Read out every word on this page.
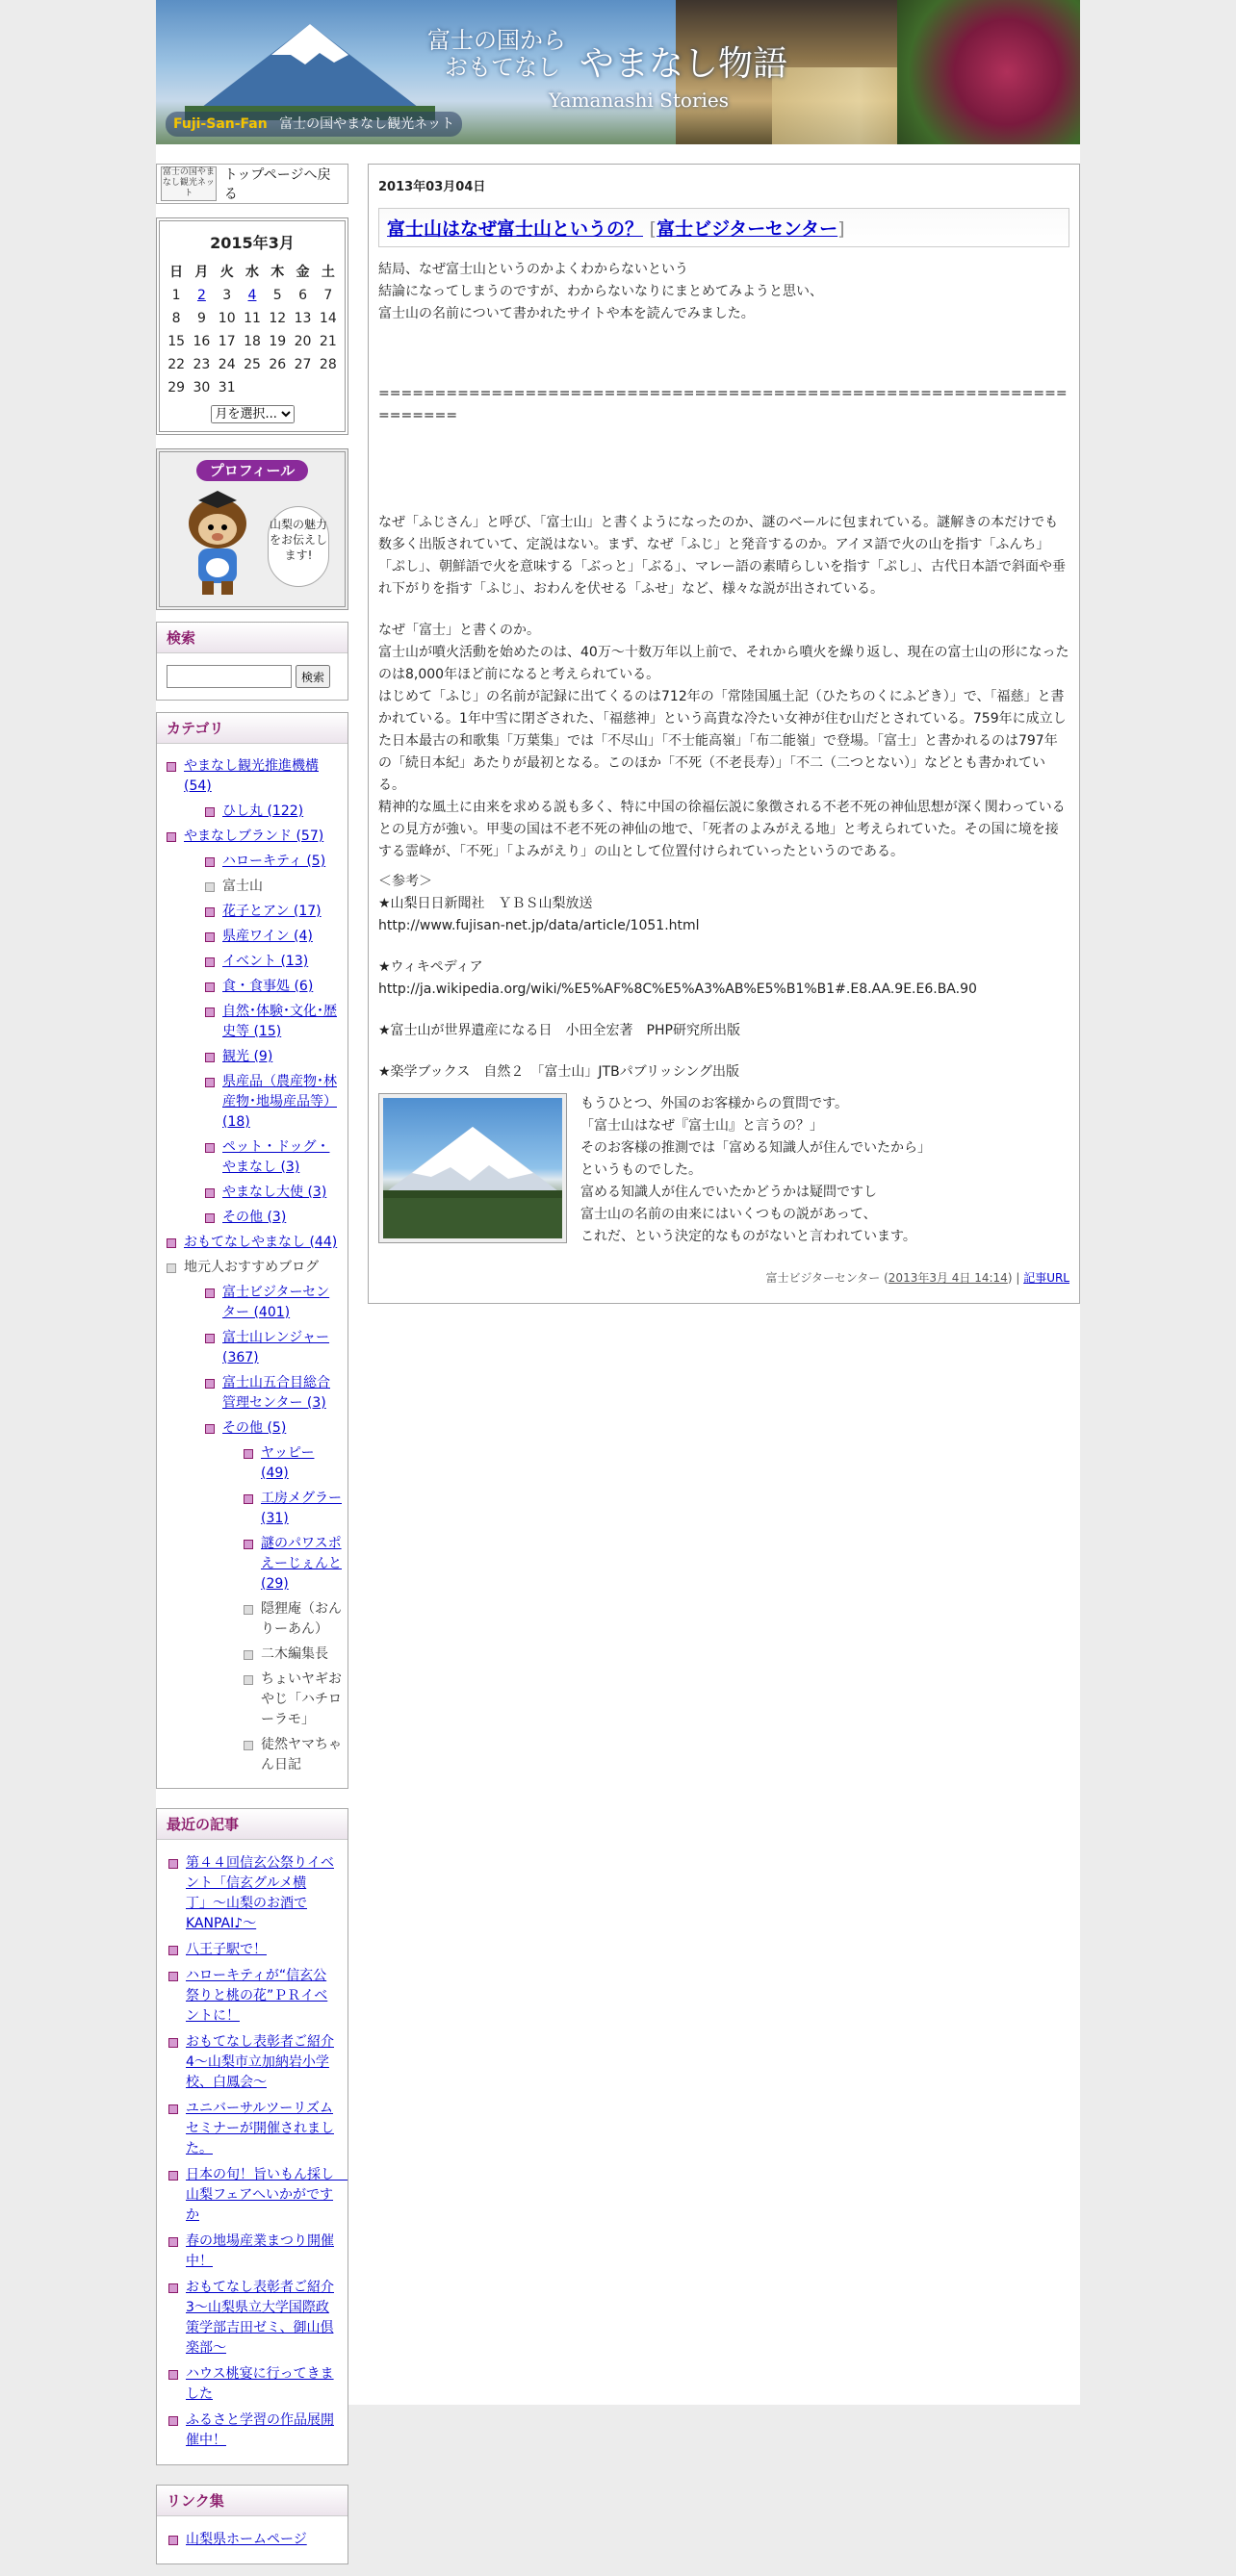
富士の国から
おもてなし やまなし物語
Yamanashi Stories
Fuji-San-Fan 富士の国やまなし観光ネット
富士の国やまなし観光ネット
トップページへ戻る
2015年3月
日	月	火	水	木	金	土
1	2	3	4	5	6	7
8	9	10	11	12	13	14
15	16	17	18	19	20	21
22	23	24	25	26	27	28
29	30	31				
月を選択...
プロフィール
山梨の魅力をお伝えします!
検索
検索
カテゴリ
やまなし観光推進機構 (54)
ひし丸 (122)
やまなしブランド (57)
ハローキティ (5)
富士山
花子とアン (17)
県産ワイン (4)
イベント (13)
食・食事処 (6)
自然･体験･文化･歴史等 (15)
観光 (9)
県産品（農産物･林産物･地場産品等） (18)
ペット・ドッグ・やまなし (3)
やまなし大使 (3)
その他 (3)
おもてなしやまなし (44)
地元人おすすめブログ
富士ビジターセンター (401)
富士山レンジャー (367)
富士山五合目総合管理センター (3)
その他 (5)
ヤッピー (49)
工房メグラー (31)
謎のパワスポえーじぇんと (29)
隠狸庵（おんりーあん）
二木編集長
ちょいヤギおやじ「ハチローラモ」
徒然ヤマちゃん日記
最近の記事
第４４回信玄公祭りイベント「信玄グルメ横丁」〜山梨のお酒でKANPAI♪〜
八王子駅で！
ハローキティが“信玄公祭りと桃の花”ＰＲイベントに！
おもてなし表彰者ご紹介4〜山梨市立加納岩小学校、白鳳会〜
ユニバーサルツーリズムセミナーが開催されました。
日本の旬！旨いもん採し　山梨フェアへいかがですか
春の地場産業まつり開催中！
おもてなし表彰者ご紹介3〜山梨県立大学国際政策学部吉田ゼミ、御山倶楽部〜
ハウス桃宴に行ってきました
ふるさと学習の作品展開催中！
リンク集
山梨県ホームページ
2013年03月04日
富士山はなぜ富士山というの？ [富士ビジターセンター]

結局、なぜ富士山というのかよくわからないという

結論になってしまうのですが、わからないなりにまとめてみようと思い、

富士山の名前について書かれたサイトや本を読んでみました。

====================================================================

なぜ「ふじさん」と呼び、「富士山」と書くようになったのか、謎のベールに包まれている。謎解きの本だけでも数多く出版されていて、定説はない。まず、なぜ「ふじ」と発音するのか。アイヌ語で火の山を指す「ふんち」「ぷし」、朝鮮語で火を意味する「ぶっと」「ぶる」、マレー語の素晴らしいを指す「ぷし」、古代日本語で斜面や垂れ下がりを指す「ふじ」、おわんを伏せる「ふせ」など、様々な説が出されている。

なぜ「富士」と書くのか。

富士山が噴火活動を始めたのは、40万〜十数万年以上前で、それから噴火を繰り返し、現在の富士山の形になったのは8,000年ほど前になると考えられている。

はじめて「ふじ」の名前が記録に出てくるのは712年の「常陸国風土記（ひたちのくにふどき）」で、「福慈」と書かれている。1年中雪に閉ざされた、「福慈神」という高貴な冷たい女神が住む山だとされている。759年に成立した日本最古の和歌集「万葉集」では「不尽山」「不士能高嶺」「布二能嶺」で登場。「富士」と書かれるのは797年の「続日本紀」あたりが最初となる。このほか「不死（不老長寿）」「不二（二つとない）」などとも書かれている。

精神的な風土に由来を求める説も多く、特に中国の徐福伝説に象徴される不老不死の神仙思想が深く関わっているとの見方が強い。甲斐の国は不老不死の神仙の地で、「死者のよみがえる地」と考えられていた。その国に境を接する霊峰が、「不死」「よみがえり」の山として位置付けられていったというのである。

＜参考＞

★山梨日日新聞社　ＹＢＳ山梨放送

http://www.fujisan-net.jp/data/article/1051.html

★ウィキペディア

http://ja.wikipedia.org/wiki/%E5%AF%8C%E5%A3%AB%E5%B1%B1#.E8.AA.9E.E6.BA.90

★富士山が世界遺産になる日　小田全宏著　PHP研究所出版

★楽学ブックス　自然２　「富士山」JTBパブリッシング出版

もうひとつ、外国のお客様からの質問です。

「富士山はなぜ『富士山』と言うの？」

そのお客様の推測では「富める知識人が住んでいたから」

というものでした。

富める知識人が住んでいたかどうかは疑問ですし

富士山の名前の由来にはいくつもの説があって、

これだ、という決定的なものがないと言われています。

富士ビジターセンター (2013年3月 4日 14:14) | 記事URL
